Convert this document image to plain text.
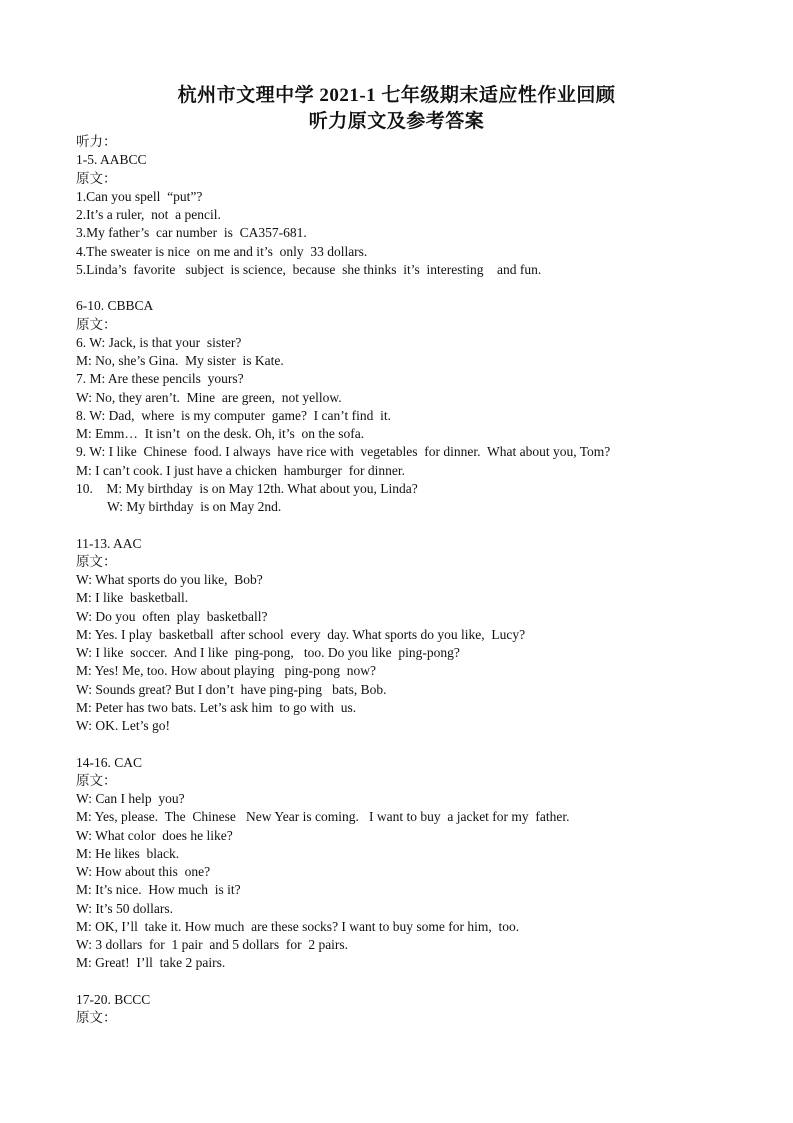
杭州市文理中学 2021-1 七年级期末适应性作业回顾
听力原文及参考答案
听力：
1-5. AABCC
原文：
1.Can you spell  “put”?
2.It’s a ruler,  not  a pencil.
3.My father’s  car number  is  CA357-681.
4.The sweater is nice  on me and it’s  only  33 dollars.
5.Linda’s  favorite   subject  is science,  because  she thinks  it’s  interesting    and fun.
6-10. CBBCA
原文：
6. W: Jack, is that your  sister?
M: No, she’s Gina.  My sister  is Kate.
7. M: Are these pencils  yours?
W: No, they aren’t.  Mine  are green,  not yellow.
8. W: Dad,  where  is my computer  game?  I can’t find  it.
M: Emm…  It isn’t  on the desk. Oh, it’s  on the sofa.
9. W: I like  Chinese  food. I always  have rice with  vegetables  for dinner.  What about you, Tom?
M: I can’t cook. I just have a chicken  hamburger  for dinner.
10.    M: My birthday  is on May 12th. What about you, Linda?
W: My birthday  is on May 2nd.
11-13. AAC
原文：
W: What sports do you like,  Bob?
M: I like  basketball.
W: Do you  often  play  basketball?
M: Yes. I play  basketball  after school  every  day. What sports do you like,  Lucy?
W: I like  soccer.  And I like  ping-pong,   too. Do you like  ping-pong?
M: Yes! Me, too. How about playing   ping-pong  now?
W: Sounds great? But I don’t  have ping-ping   bats, Bob.
M: Peter has two bats. Let’s ask him  to go with  us.
W: OK. Let’s go!
14-16. CAC
原文：
W: Can I help  you?
M: Yes, please.  The  Chinese   New Year is coming.   I want to buy  a jacket for my  father.
W: What color  does he like?
M: He likes  black.
W: How about this  one?
M: It’s nice.  How much  is it?
W: It’s 50 dollars.
M: OK, I’ll  take it. How much  are these socks? I want to buy some for him,  too.
W: 3 dollars  for  1 pair  and 5 dollars  for  2 pairs.
M: Great!  I’ll  take 2 pairs.
17-20. BCCC
原文：
